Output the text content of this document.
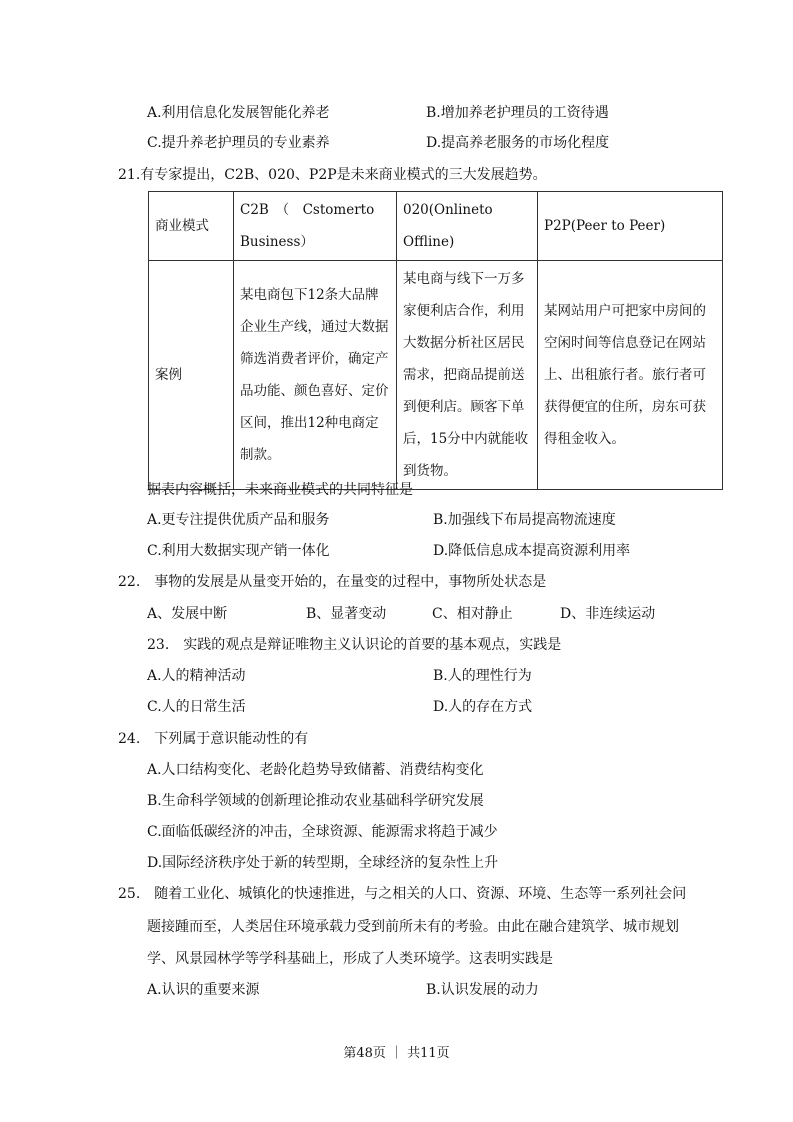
A.利用信息化发展智能化养老	B.增加养老护理员的工资待遇
C.提升养老护理员的专业素养	D.提高养老服务的市场化程度
21.有专家提出，C2B、020、P2P是未来商业模式的三大发展趋势。
商业模式	C2B　（　Cstomerto Business）	020(Onlineto Offline)	P2P(Peer to Peer)
案例	某电商包下12条大品牌企业生产线，通过大数据筛选消费者评价，确定产品功能、颜色喜好、定价区间，推出12种电商定制款。	某电商与线下一万多家便利店合作，利用大数据分析社区居民需求，把商品提前送到便利店。顾客下单后，15分中内就能收到货物。	某网站用户可把家中房间的空闲时间等信息登记在网站上、出租旅行者。旅行者可获得便宜的住所，房东可获得租金收入。
据表内容概括，未来商业模式的共同特征是
A.更专注提供优质产品和服务	B.加强线下布局提高物流速度
C.利用大数据实现产销一体化	D.降低信息成本提高资源利用率
22.　事物的发展是从量变开始的，在量变的过程中，事物所处状态是
A、发展中断	B、显著变动	C、相对静止	D、非连续运动
23.　实践的观点是辩证唯物主义认识论的首要的基本观点，实践是
A.人的精神活动	B.人的理性行为
C.人的日常生活	D.人的存在方式
24.　下列属于意识能动性的有
A.人口结构变化、老龄化趋势导致储蓄、消费结构变化
B.生命科学领域的创新理论推动农业基础科学研究发展
C.面临低碳经济的冲击，全球资源、能源需求将趋于减少
D.国际经济秩序处于新的转型期，全球经济的复杂性上升
25.　随着工业化、城镇化的快速推进，与之相关的人口、资源、环境、生态等一系列社会问
题接踵而至，人类居住环境承载力受到前所未有的考验。由此在融合建筑学、城市规划
学、风景园林学等学科基础上，形成了人类环境学。这表明实践是
A.认识的重要来源	B.认识发展的动力
第48页 ｜ 共11页
